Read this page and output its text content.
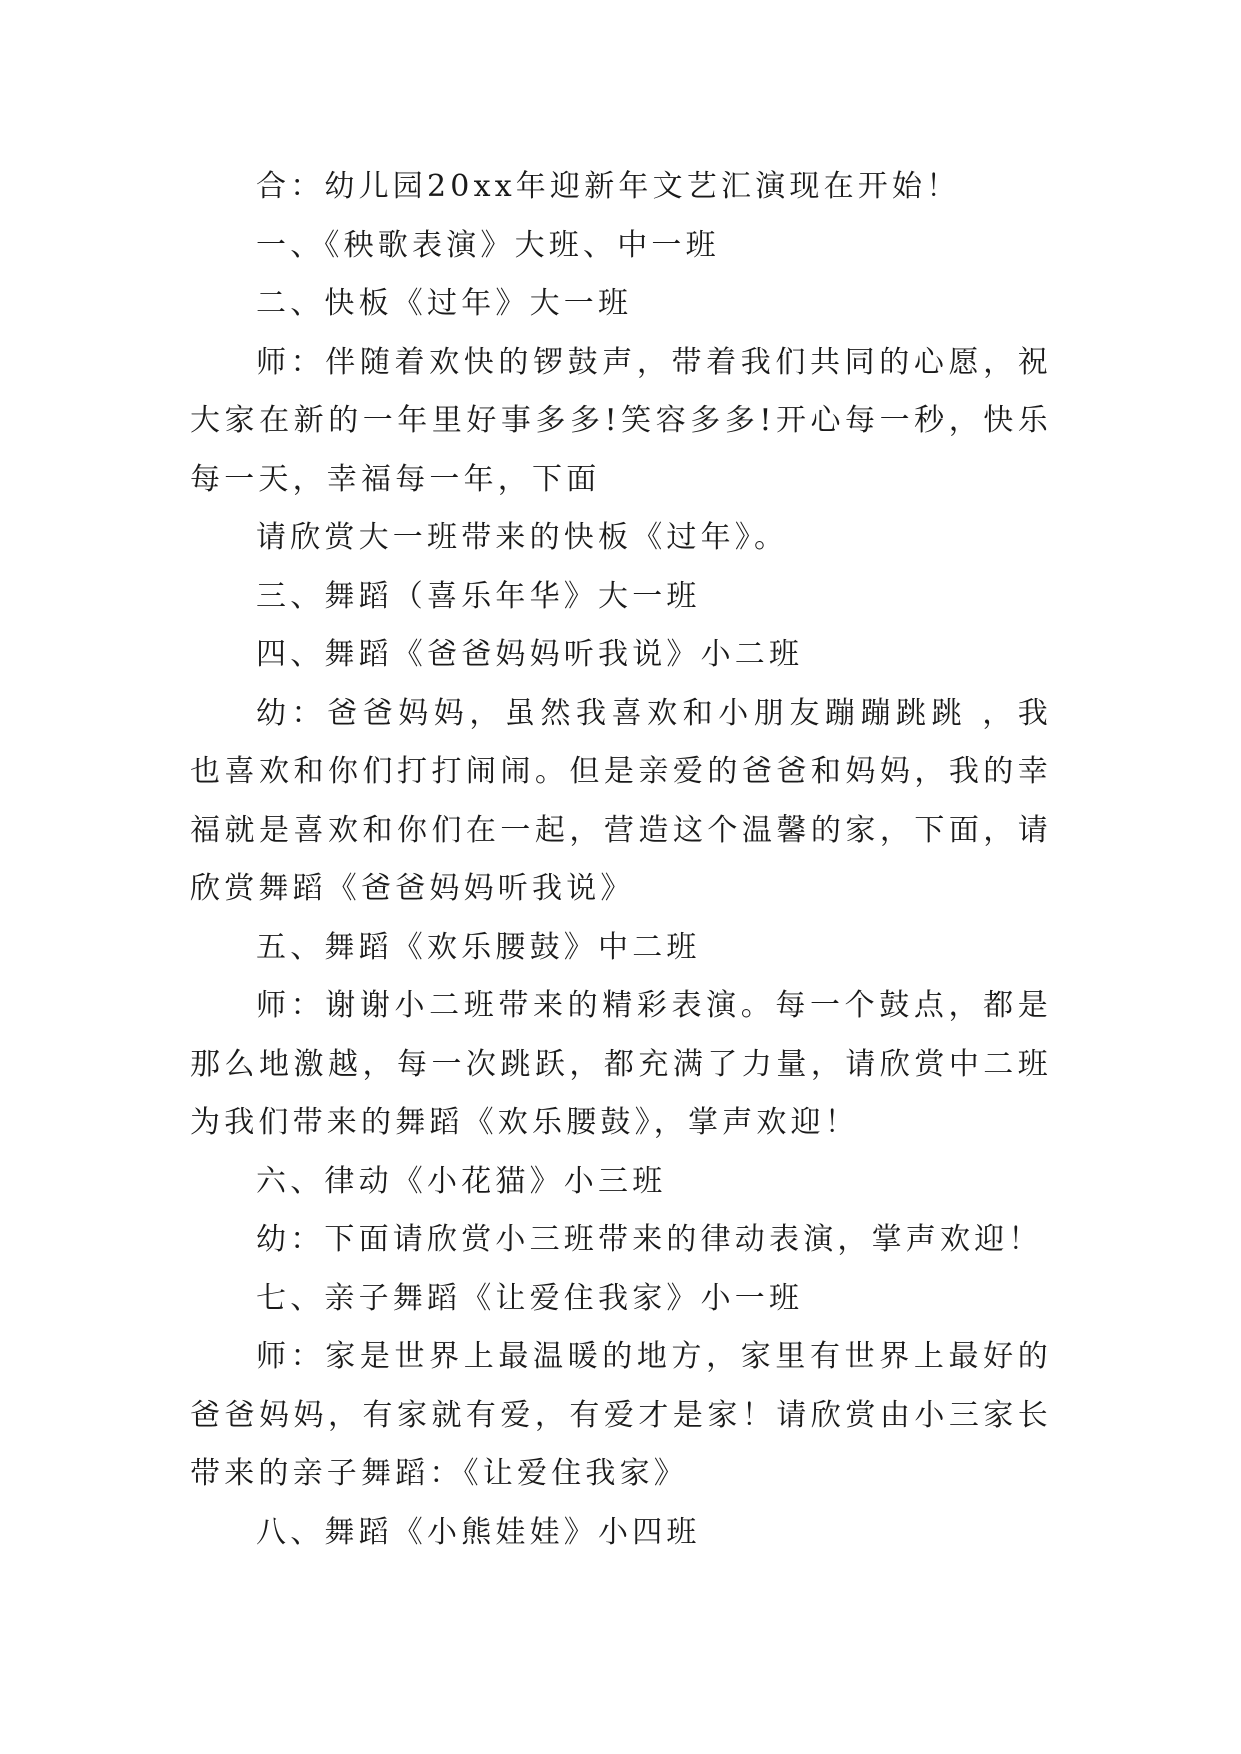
合：幼儿园20xx年迎新年文艺汇演现在开始！

一、《秧歌表演》大班、中一班

二、快板《过年》大一班

师：伴随着欢快的锣鼓声，带着我们共同的心愿，祝大家在新的一年里好事多多!笑容多多!开心每一秒，快乐每一天，幸福每一年，下面

请欣赏大一班带来的快板《过年》。

三、舞蹈（喜乐年华》大一班

四、舞蹈《爸爸妈妈听我说》小二班

幼：爸爸妈妈，虽然我喜欢和小朋友蹦蹦跳跳 ，我也喜欢和你们打打闹闹。但是亲爱的爸爸和妈妈，我的幸福就是喜欢和你们在一起，营造这个温馨的家，下面，请欣赏舞蹈《爸爸妈妈听我说》

五、舞蹈《欢乐腰鼓》中二班

师：谢谢小二班带来的精彩表演。每一个鼓点，都是那么地激越，每一次跳跃，都充满了力量，请欣赏中二班为我们带来的舞蹈《欢乐腰鼓》，掌声欢迎！

六、律动《小花猫》小三班

幼：下面请欣赏小三班带来的律动表演，掌声欢迎！

七、亲子舞蹈《让爱住我家》小一班

师：家是世界上最温暖的地方，家里有世界上最好的爸爸妈妈，有家就有爱，有爱才是家！请欣赏由小三家长带来的亲子舞蹈：《让爱住我家》

八、舞蹈《小熊娃娃》小四班
